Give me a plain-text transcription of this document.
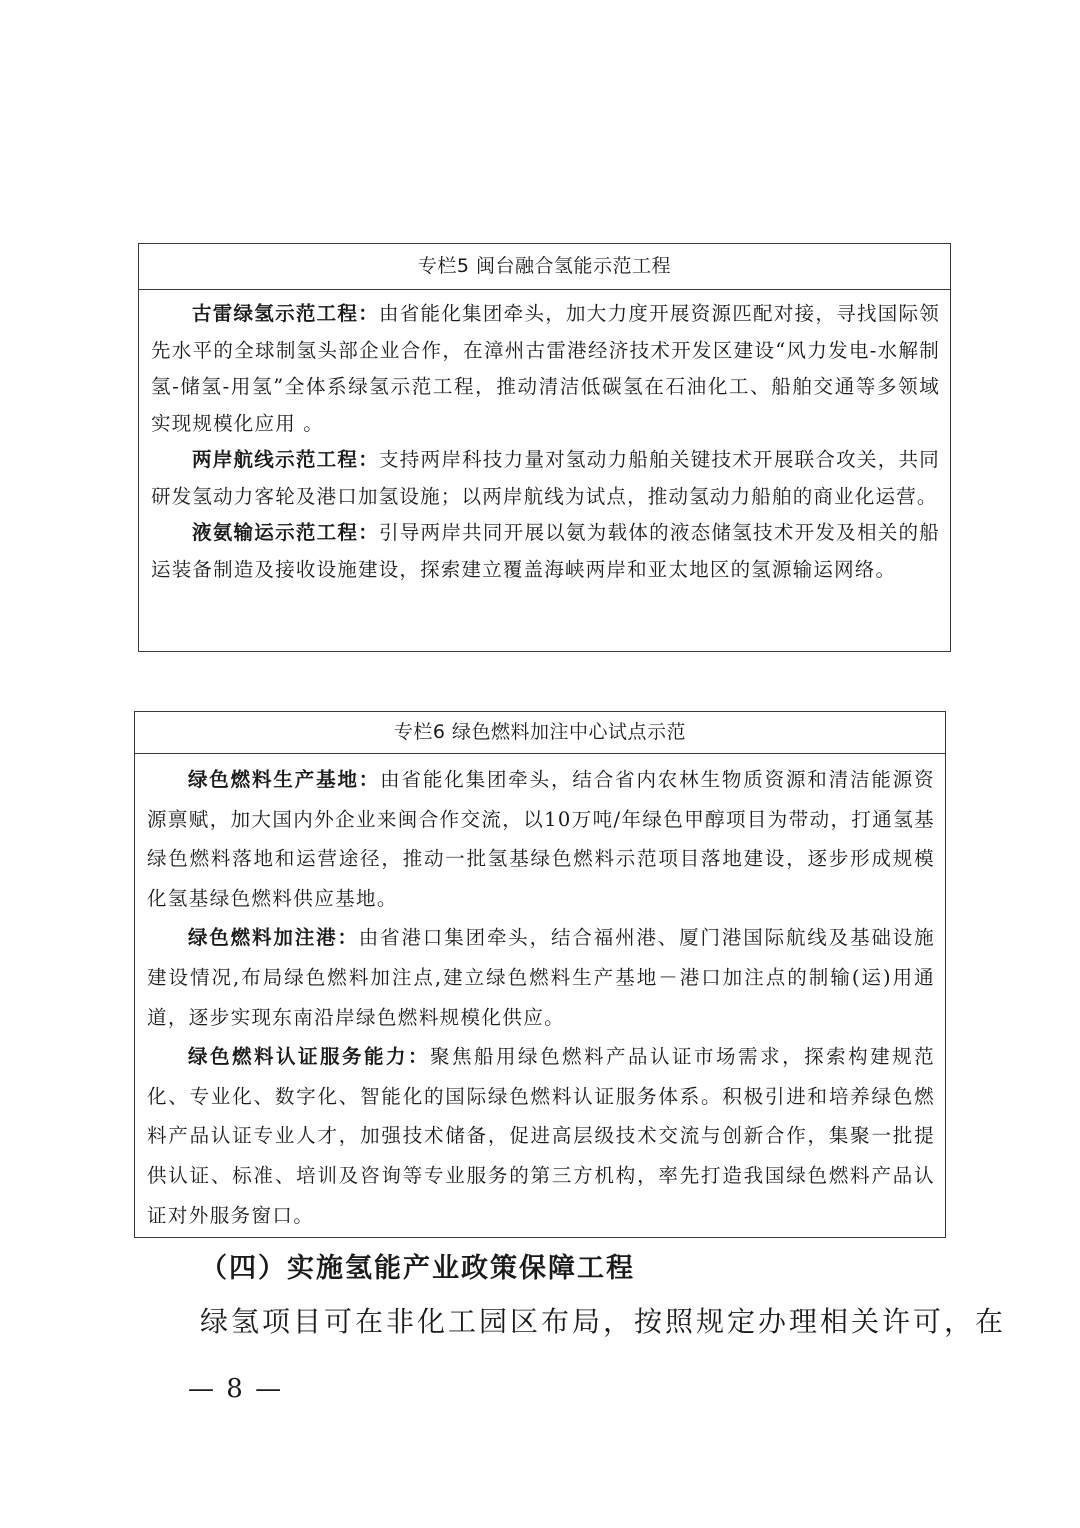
专栏5 闽台融合氢能示范工程

古雷绿氢示范工程：由省能化集团牵头，加大力度开展资源匹配对接，寻找国际领先水平的全球制氢头部企业合作，在漳州古雷港经济技术开发区建设“风力发电-水解制氢-储氢-用氢”全体系绿氢示范工程，推动清洁低碳氢在石油化工、船舶交通等多领域实现规模化应用 。

两岸航线示范工程：支持两岸科技力量对氢动力船舶关键技术开展联合攻关，共同研发氢动力客轮及港口加氢设施；以两岸航线为试点，推动氢动力船舶的商业化运营。

液氨输运示范工程：引导两岸共同开展以氨为载体的液态储氢技术开发及相关的船运装备制造及接收设施建设，探索建立覆盖海峡两岸和亚太地区的氢源输运网络。

专栏6 绿色燃料加注中心试点示范

绿色燃料生产基地：由省能化集团牵头，结合省内农林生物质资源和清洁能源资源禀赋，加大国内外企业来闽合作交流，以10万吨/年绿色甲醇项目为带动，打通氢基绿色燃料落地和运营途径，推动一批氢基绿色燃料示范项目落地建设，逐步形成规模化氢基绿色燃料供应基地。

绿色燃料加注港：由省港口集团牵头，结合福州港、厦门港国际航线及基础设施建设情况,布局绿色燃料加注点,建立绿色燃料生产基地－港口加注点的制输(运)用通道，逐步实现东南沿岸绿色燃料规模化供应。

绿色燃料认证服务能力：聚焦船用绿色燃料产品认证市场需求，探索构建规范化、专业化、数字化、智能化的国际绿色燃料认证服务体系。积极引进和培养绿色燃料产品认证专业人才，加强技术储备，促进高层级技术交流与创新合作，集聚一批提供认证、标准、培训及咨询等专业服务的第三方机构，率先打造我国绿色燃料产品认证对外服务窗口。

（四）实施氢能产业政策保障工程

绿氢项目可在非化工园区布局，按照规定办理相关许可，在

— 8 —
